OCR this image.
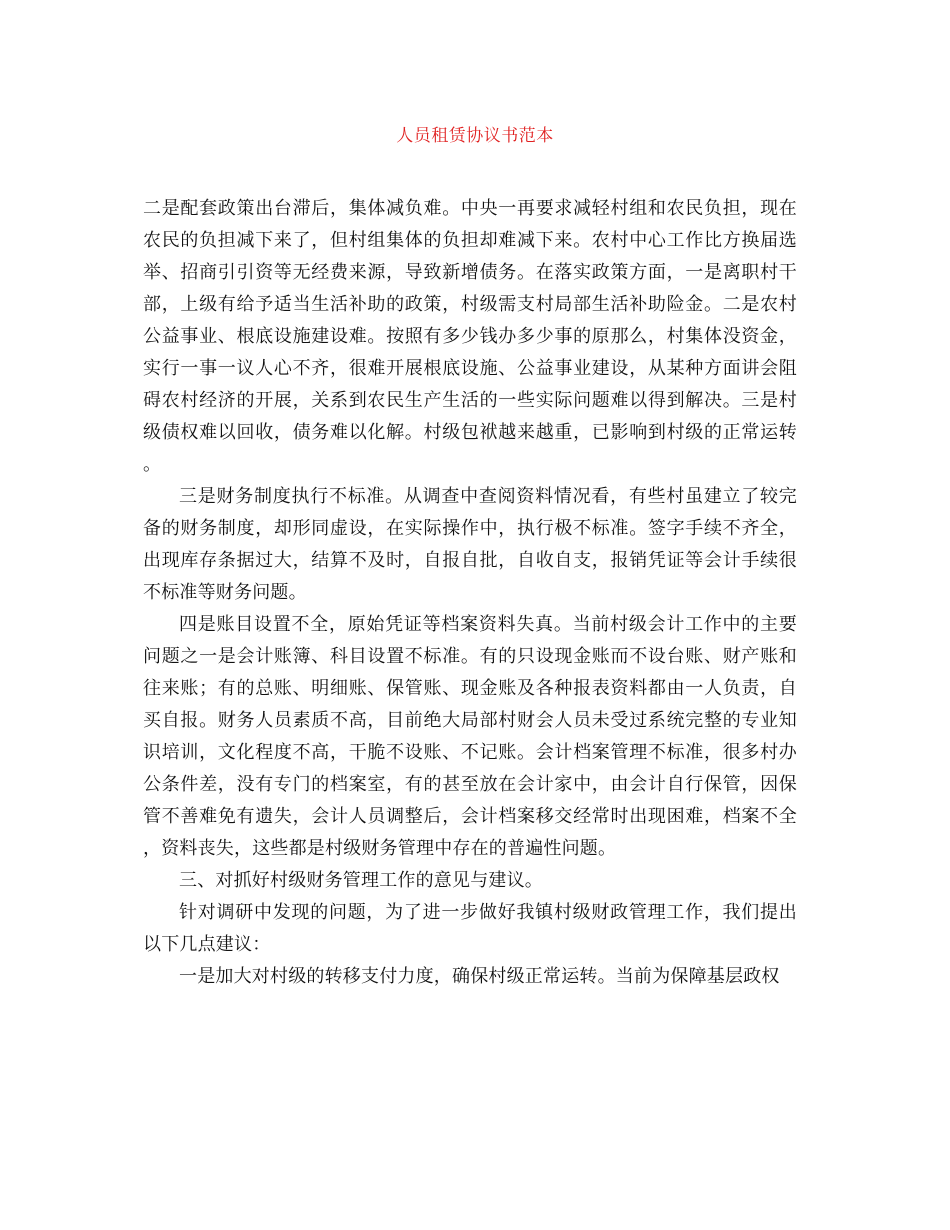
人员租赁协议书范本

二是配套政策出台滞后，集体减负难。中央一再要求减轻村组和农民负担，现在农民的负担减下来了，但村组集体的负担却难减下来。农村中心工作比方换届选举、招商引引资等无经费来源，导致新增债务。在落实政策方面，一是离职村干部，上级有给予适当生活补助的政策，村级需支村局部生活补助险金。二是农村公益事业、根底设施建设难。按照有多少钱办多少事的原那么，村集体没资金，实行一事一议人心不齐，很难开展根底设施、公益事业建设，从某种方面讲会阻碍农村经济的开展，关系到农民生产生活的一些实际问题难以得到解决。三是村级债权难以回收，债务难以化解。村级包袱越来越重，已影响到村级的正常运转。

三是财务制度执行不标准。从调查中查阅资料情况看，有些村虽建立了较完备的财务制度，却形同虚设，在实际操作中，执行极不标准。签字手续不齐全，出现库存条据过大，结算不及时，自报自批，自收自支，报销凭证等会计手续很不标准等财务问题。

四是账目设置不全，原始凭证等档案资料失真。当前村级会计工作中的主要问题之一是会计账簿、科目设置不标准。有的只设现金账而不设台账、财产账和往来账；有的总账、明细账、保管账、现金账及各种报表资料都由一人负责，自买自报。财务人员素质不高，目前绝大局部村财会人员未受过系统完整的专业知识培训，文化程度不高，干脆不设账、不记账。会计档案管理不标准，很多村办公条件差，没有专门的档案室，有的甚至放在会计家中，由会计自行保管，因保管不善难免有遗失，会计人员调整后，会计档案移交经常时出现困难，档案不全，资料丧失，这些都是村级财务管理中存在的普遍性问题。

三、对抓好村级财务管理工作的意见与建议。

针对调研中发现的问题，为了进一步做好我镇村级财政管理工作，我们提出以下几点建议：

一是加大对村级的转移支付力度，确保村级正常运转。当前为保障基层政权
